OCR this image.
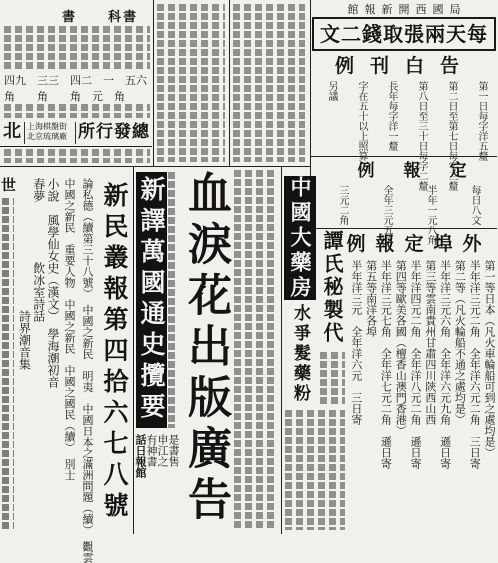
館報新開西國局
文二錢取張兩天每
例刊白告
第一日每字洋五釐
第二日至第七日每字三釐
第八日至三十日每字二釐
長年每字洋一釐
字在五十以上照算
另議
例　報　定
每日八文
半年一元八角
全年三元五角
三元二角
例報定埠外
第一等日本（凡火車輪船可到之處均是）
半年洋三元二角　全年洋六元二角　三日寄
第二等（凡火輪船不通之處均是）
半年洋三元六角　全年洋六元九角　遜日寄
第三等雲南貴州甘肅四川陝西山西
半年洋四元二角　全年洋八元二角　遜日寄
第四等歐美各國（檀香山澳門香港）
半年洋三元七角　全年洋七元二角　遜日寄
第五等南洋各埠
半年洋三元　全年洋六元　三日寄
科書
書
四九　三三　四二　一　五六
角　　角　　角　元　角
北 上海棋盤街
北京琉璃廠 所行發總
世 小說　風學仙女史（漢文）　學海潮初音
春夢　　　　　飲冰室詩話
　　　　　　　　　　　詩界潮音集	論私德（續第三十八號）　中國之新民　明夷　中國日本之滿洲問題（續）　觀雲
中國之新民　重要人物　中國之新民　中國之國民（續）　別士 新民叢報第四拾六七八號 新譯萬國通史攬要
是書售
申江之
有神書
話日報館 血淚花出版廣告	中國大藥房 譚氏秘製代
水爭髮藥粉
